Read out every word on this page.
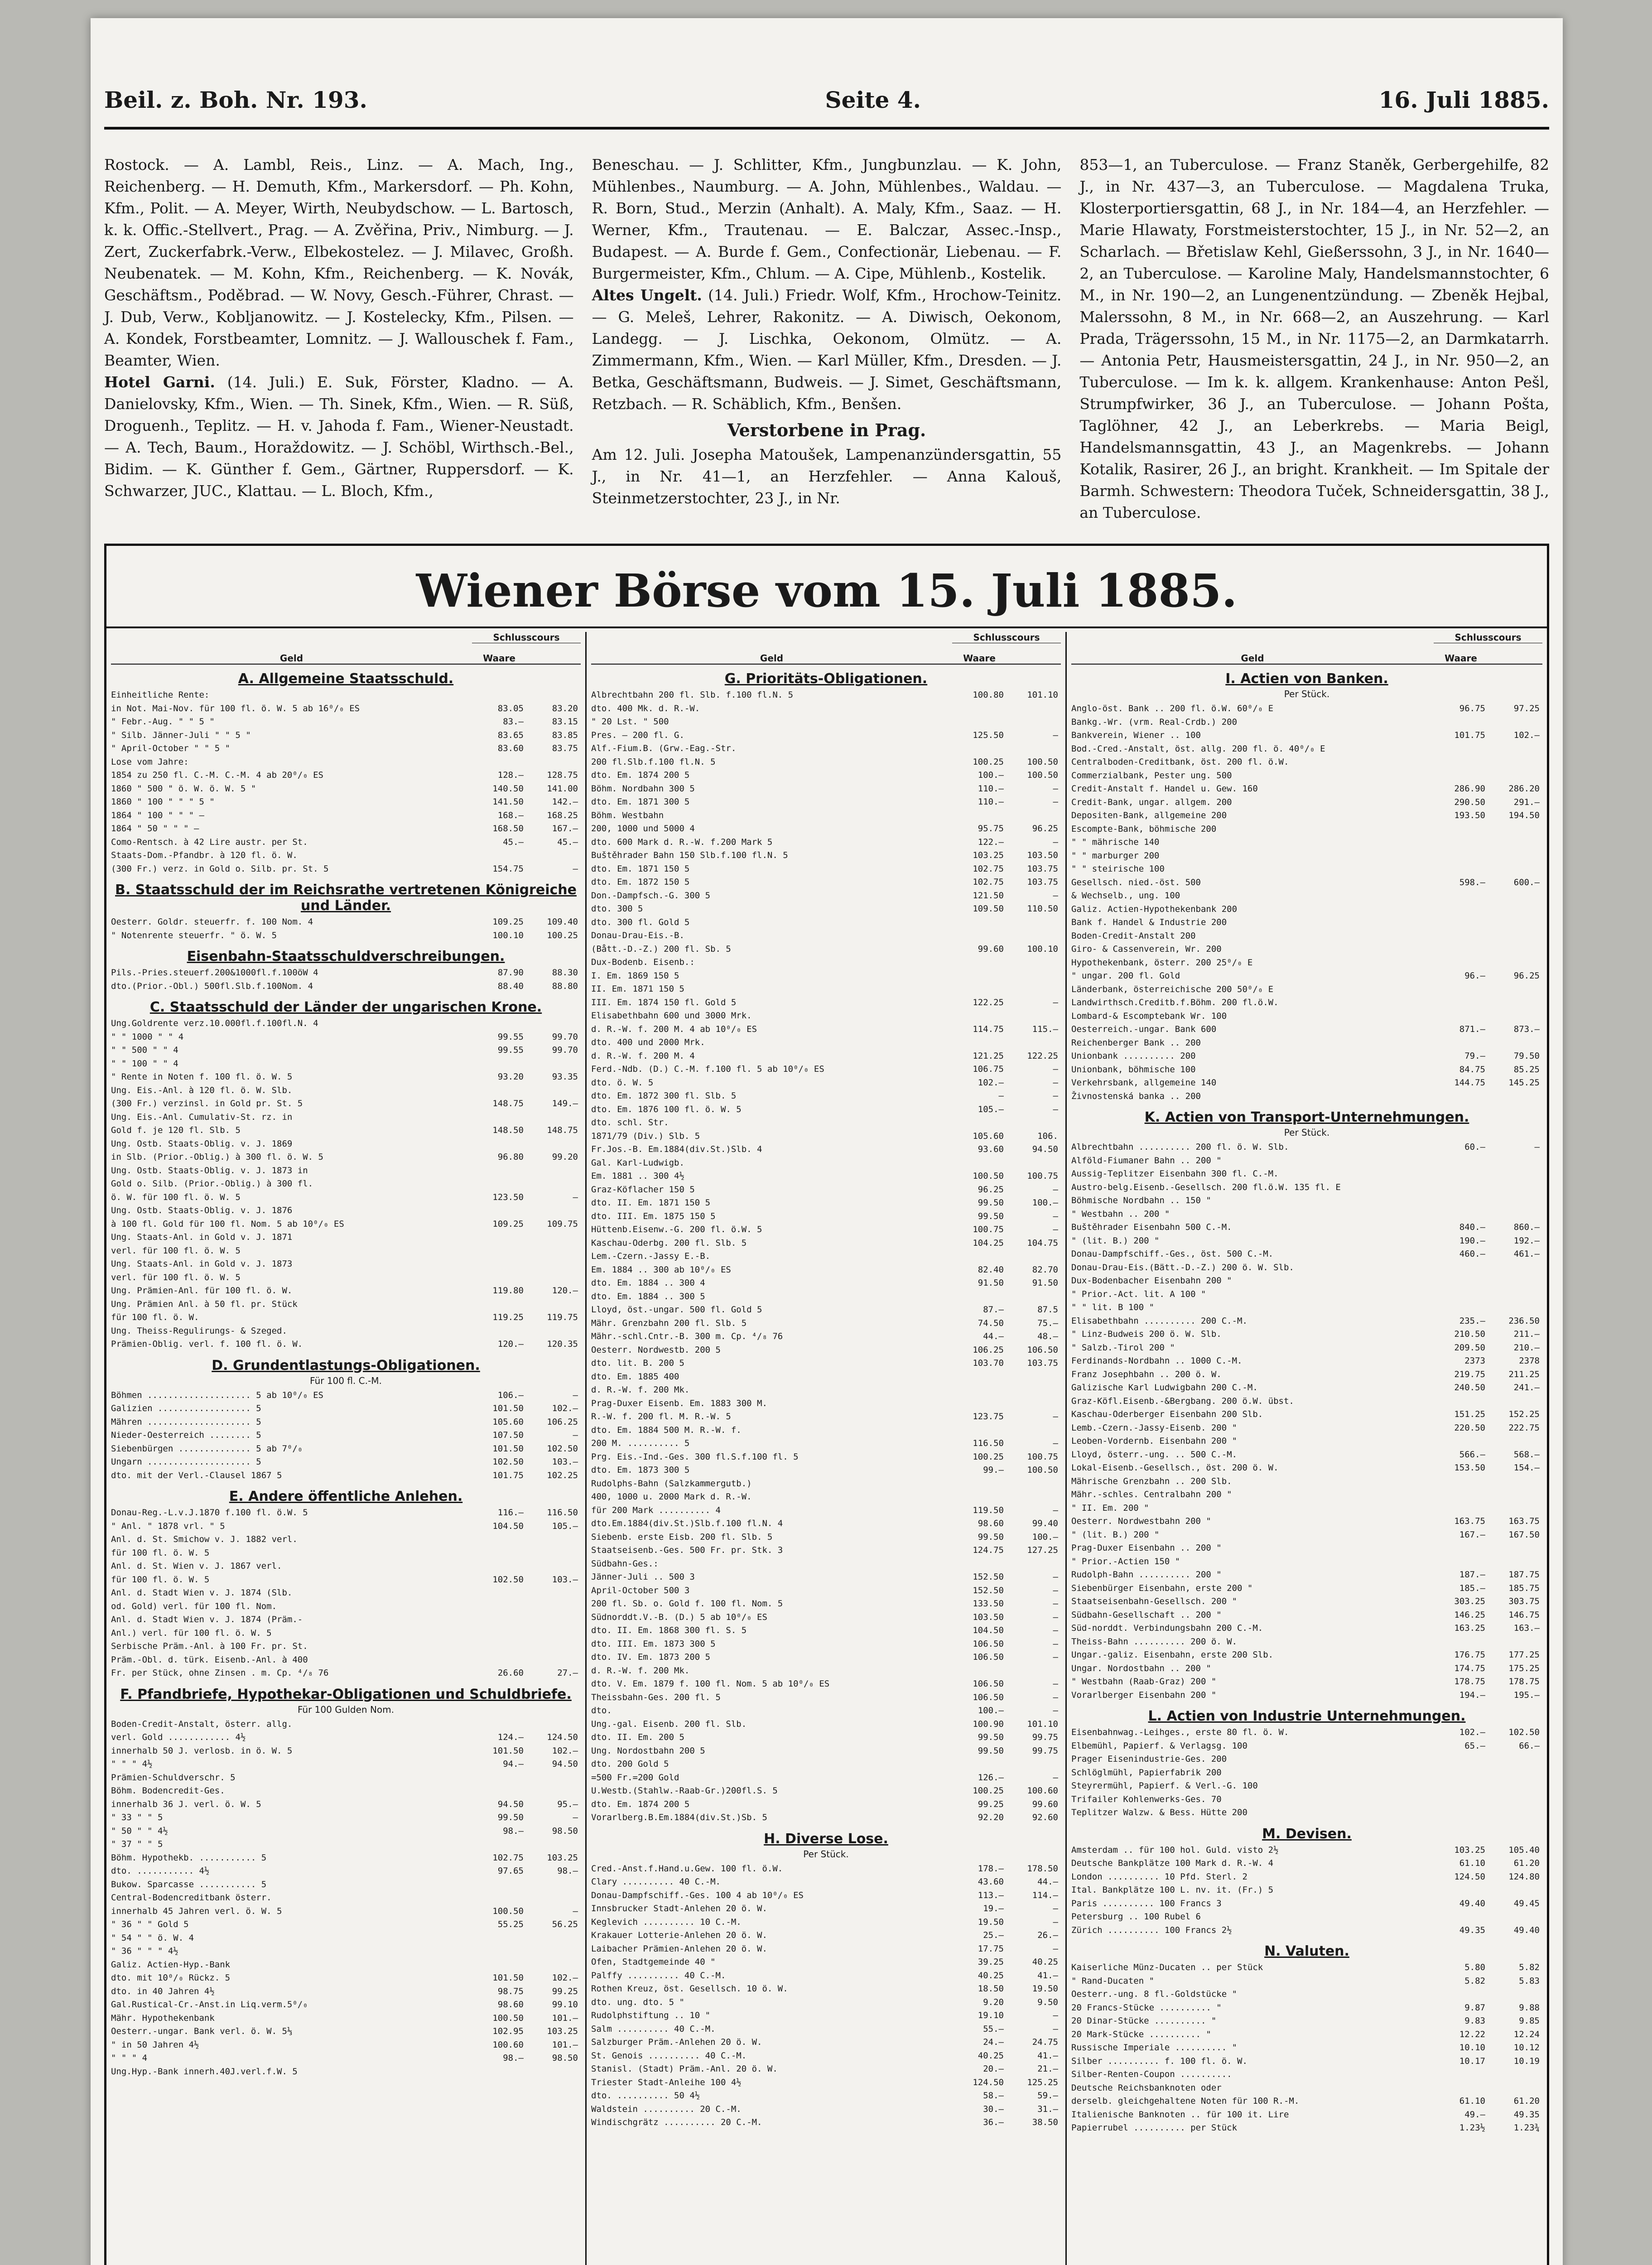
Beil. z. Boh. Nr. 193.	Seite 4.	16. Juli 1885.

Rostock. — A. Lambl, Reis., Linz. — A. Mach, Ing., Reichenberg. — H. Demuth, Kfm., Markersdorf. — Ph. Kohn, Kfm., Polit. — A. Meyer, Wirth, Neubydschow. — L. Bartosch, k. k. Offic.-Stellvert., Prag. — A. Zvěřina, Priv., Nimburg. — J. Zert, Zuckerfabrk.-Verw., Elbekostelez. — J. Milavec, Großh. Neubenatek. — M. Kohn, Kfm., Reichenberg. — K. Novák, Geschäftsm., Poděbrad. — W. Novy, Gesch.-Führer, Chrast. — J. Dub, Verw., Kobljanowitz. — J. Kostelecky, Kfm., Pilsen. — A. Kondek, Forstbeamter, Lomnitz. — J. Wallouschek f. Fam., Beamter, Wien.

Hotel Garni. (14. Juli.) E. Suk, Förster, Kladno. — A. Danielovsky, Kfm., Wien. — Th. Sinek, Kfm., Wien. — R. Süß, Droguenh., Teplitz. — H. v. Jahoda f. Fam., Wiener-Neustadt. — A. Tech, Baum., Horaždowitz. — J. Schöbl, Wirthsch.-Bel., Bidim. — K. Günther f. Gem., Gärtner, Ruppersdorf. — K. Schwarzer, JUC., Klattau. — L. Bloch, Kfm.,

Beneschau. — J. Schlitter, Kfm., Jungbunzlau. — K. John, Mühlenbes., Naumburg. — A. John, Mühlenbes., Waldau. — R. Born, Stud., Merzin (Anhalt). A. Maly, Kfm., Saaz. — H. Werner, Kfm., Trautenau. — E. Balczar, Assec.-Insp., Budapest. — A. Burde f. Gem., Confectionär, Liebenau. — F. Burgermeister, Kfm., Chlum. — A. Cipe, Mühlenb., Kostelik.

Altes Ungelt. (14. Juli.) Friedr. Wolf, Kfm., Hrochow-Teinitz. — G. Meleš, Lehrer, Rakonitz. — A. Diwisch, Oekonom, Landegg. — J. Lischka, Oekonom, Olmütz. — A. Zimmermann, Kfm., Wien. — Karl Müller, Kfm., Dresden. — J. Betka, Geschäftsmann, Budweis. — J. Simet, Geschäftsmann, Retzbach. — R. Schäblich, Kfm., Benšen.

Verstorbene in Prag.

Am 12. Juli. Josepha Matoušek, Lampenanzündersgattin, 55 J., in Nr. 41—1, an Herzfehler. — Anna Kalouš, Steinmetzerstochter, 23 J., in Nr.

853—1, an Tuberculose. — Franz Staněk, Gerbergehilfe, 82 J., in Nr. 437—3, an Tuberculose. — Magdalena Truka, Klosterportiersgattin, 68 J., in Nr. 184—4, an Herzfehler. — Marie Hlawaty, Forstmeisterstochter, 15 J., in Nr. 52—2, an Scharlach. — Břetislaw Kehl, Gießerssohn, 3 J., in Nr. 1640—2, an Tuberculose. — Karoline Maly, Handelsmannstochter, 6 M., in Nr. 190—2, an Lungenentzündung. — Zbeněk Hejbal, Malerssohn, 8 M., in Nr. 668—2, an Auszehrung. — Karl Prada, Trägerssohn, 15 M., in Nr. 1175—2, an Darmkatarrh. — Antonia Petr, Hausmeistersgattin, 24 J., in Nr. 950—2, an Tuberculose. — Im k. k. allgem. Krankenhause: Anton Pešl, Strumpfwirker, 36 J., an Tuberculose. — Johann Pošta, Taglöhner, 42 J., an Leberkrebs. — Maria Beigl, Handelsmannsgattin, 43 J., an Magenkrebs. — Johann Kotalik, Rasirer, 26 J., an bright. Krankheit. — Im Spitale der Barmh. Schwestern: Theodora Tuček, Schneidersgattin, 38 J., an Tuberculose.

Wiener Börse vom 15. Juli 1885.
Schlusscours
Geld	Waare
A. Allgemeine Staatsschuld.
Einheitliche Rente:
in Not. Mai-Nov. für 100 fl. ö. W. 5 ab 16⁰/₀ ES	83.05	83.20
" Febr.-Aug. " " 5 "	83.—	83.15
" Silb. Jänner-Juli " " 5 "	83.65	83.85
" April-October " " 5 "	83.60	83.75
Lose vom Jahre:
1854 zu 250 fl. C.-M. C.-M. 4 ab 20⁰/₀ ES	128.—	128.75
1860 " 500 " ö. W. ö. W. 5 "	140.50	141.00
1860 " 100 " " " 5 "	141.50	142.—
1864 " 100 " " " —	168.—	168.25
1864 " 50 " " " —	168.50	167.—
Como-Rentsch. à 42 Lire austr. per St.	45.—	45.—
Staats-Dom.-Pfandbr. à 120 fl. ö. W.
(300 Fr.) verz. in Gold o. Silb. pr. St. 5	154.75	—
B. Staatsschuld der im Reichsrathe vertretenen Königreiche und Länder.
Oesterr. Goldr. steuerfr. f. 100 Nom. 4	109.25	109.40
" Notenrente steuerfr. " ö. W. 5	100.10	100.25
Eisenbahn-Staatsschuldverschreibungen.
Pils.-Pries.steuerf.200&1000fl.f.100öW 4	87.90	88.30
dto.(Prior.-Obl.) 500fl.Slb.f.100Nom. 4	88.40	88.80
C. Staatsschuld der Länder der ungarischen Krone.
Ung.Goldrente verz.10.000fl.f.100fl.N. 4
" " 1000 " " 4	99.55	99.70
" " 500 " " 4	99.55	99.70
" " 100 " " 4
" Rente in Noten f. 100 fl. ö. W. 5	93.20	93.35
Ung. Eis.-Anl. à 120 fl. ö. W. Slb.
(300 Fr.) verzinsl. in Gold pr. St. 5	148.75	149.—
Ung. Eis.-Anl. Cumulativ-St. rz. in
Gold f. je 120 fl. Slb. 5	148.50	148.75
Ung. Ostb. Staats-Oblig. v. J. 1869
in Slb. (Prior.-Oblig.) à 300 fl. ö. W. 5	96.80	99.20
Ung. Ostb. Staats-Oblig. v. J. 1873 in
Gold o. Silb. (Prior.-Oblig.) à 300 fl.
ö. W. für 100 fl. ö. W. 5	123.50	—
Ung. Ostb. Staats-Oblig. v. J. 1876
à 100 fl. Gold für 100 fl. Nom. 5 ab 10⁰/₀ ES	109.25	109.75
Ung. Staats-Anl. in Gold v. J. 1871
verl. für 100 fl. ö. W. 5
Ung. Staats-Anl. in Gold v. J. 1873
verl. für 100 fl. ö. W. 5
Ung. Prämien-Anl. für 100 fl. ö. W.	119.80	120.—
Ung. Prämien Anl. à 50 fl. pr. Stück
für 100 fl. ö. W.	119.25	119.75
Ung. Theiss-Regulirungs- & Szeged.
Prämien-Oblig. verl. f. 100 fl. ö. W.	120.—	120.35
D. Grundentlastungs-Obligationen.
Für 100 fl. C.-M.
Böhmen .................... 5 ab 10⁰/₀ ES	106.—	—
Galizien .................. 5	101.50	102.—
Mähren .................... 5	105.60	106.25
Nieder-Oesterreich ........ 5	107.50	—
Siebenbürgen .............. 5 ab 7⁰/₀	101.50	102.50
Ungarn .................... 5	102.50	103.—
dto. mit der Verl.-Clausel 1867 5	101.75	102.25
E. Andere öffentliche Anlehen.
Donau-Reg.-L.v.J.1870 f.100 fl. ö.W. 5	116.—	116.50
" Anl. " 1878 vrl. " 5	104.50	105.—
Anl. d. St. Smichow v. J. 1882 verl.
für 100 fl. ö. W. 5
Anl. d. St. Wien v. J. 1867 verl.
für 100 fl. ö. W. 5	102.50	103.—
Anl. d. Stadt Wien v. J. 1874 (Slb.
od. Gold) verl. für 100 fl. Nom.
Anl. d. Stadt Wien v. J. 1874 (Präm.-
Anl.) verl. für 100 fl. ö. W. 5
Serbische Präm.-Anl. à 100 Fr. pr. St.
Präm.-Obl. d. türk. Eisenb.-Anl. à 400
Fr. per Stück, ohne Zinsen . m. Cp. ⁴/₈ 76	26.60	27.—
F. Pfandbriefe, Hypothekar-Obligationen und Schuldbriefe.
Für 100 Gulden Nom.
Boden-Credit-Anstalt, österr. allg.
verl. Gold ............ 4½	124.—	124.50
innerhalb 50 J. verlosb. in ö. W. 5	101.50	102.—
" " " 4½	94.—	94.50
Prämien-Schuldverschr. 5
Böhm. Bodencredit-Ges.
innerhalb 36 J. verl. ö. W. 5	94.50	95.—
" 33 " " 5	99.50	—
" 50 " " 4½	98.—	98.50
" 37 " " 5
Böhm. Hypothekb. ........... 5	102.75	103.25
dto. ........... 4½	97.65	98.—
Bukow. Sparcasse ........... 5
Central-Bodencreditbank österr.
innerhalb 45 Jahren verl. ö. W. 5	100.50	—
" 36 " " Gold 5	55.25	56.25
" 54 " " ö. W. 4
" 36 " " " 4½
Galiz. Actien-Hyp.-Bank
dto. mit 10⁰/₀ Rückz. 5	101.50	102.—
dto. in 40 Jahren 4½	98.75	99.25
Gal.Rustical-Cr.-Anst.in Liq.verm.5⁰/₀	98.60	99.10
Mähr. Hypothekenbank	100.50	101.—
Oesterr.-ungar. Bank verl. ö. W. 5⅓	102.95	103.25
" in 50 Jahren 4½	100.60	101.—
" " " 4	98.—	98.50
Ung.Hyp.-Bank innerh.40J.verl.f.W. 5
Schlusscours
Geld	Waare
G. Prioritäts-Obligationen.
Albrechtbahn 200 fl. Slb. f.100 fl.N. 5	100.80	101.10
dto. 400 Mk. d. R.-W.
" 20 Lst. " 500
Pres. — 200 fl. G.	125.50	—
Alf.-Fium.B. (Grw.-Eag.-Str.
200 fl.Slb.f.100 fl.N. 5	100.25	100.50
dto. Em. 1874 200 5	100.—	100.50
Böhm. Nordbahn 300 5	110.—	—
dto. Em. 1871 300 5	110.—	—
Böhm. Westbahn
200, 1000 und 5000 4	95.75	96.25
dto. 600 Mark d. R.-W. f.200 Mark 5	122.—	—
Buštěhrader Bahn 150 Slb.f.100 fl.N. 5	103.25	103.50
dto. Em. 1871 150 5	102.75	103.75
dto. Em. 1872 150 5	102.75	103.75
Don.-Dampfsch.-G. 300 5	121.50	—
dto. 300 5	109.50	110.50
dto. 300 fl. Gold 5
Donau-Drau-Eis.-B.
(Bått.-D.-Z.) 200 fl. Sb. 5	99.60	100.10
Dux-Bodenb. Eisenb.:
I. Em. 1869 150 5
II. Em. 1871 150 5
III. Em. 1874 150 fl. Gold 5	122.25	—
Elisabethbahn 600 und 3000 Mrk.
d. R.-W. f. 200 M. 4 ab 10⁰/₀ ES	114.75	115.—
dto. 400 und 2000 Mrk.
d. R.-W. f. 200 M. 4	121.25	122.25
Ferd.-Ndb. (D.) C.-M. f.100 fl. 5 ab 10⁰/₀ ES	106.75	—
dto. ö. W. 5	102.—	—
dto. Em. 1872 300 fl. Slb. 5	—	—
dto. Em. 1876 100 fl. ö. W. 5	105.—	—
dto. schl. Str.
1871/79 (Div.) Slb. 5	105.60	106.
Fr.Jos.-B. Em.1884(div.St.)Slb. 4	93.60	94.50
Gal. Karl-Ludwigb.
Em. 1881 .. 300 4½	100.50	100.75
Graz-Köflacher 150 5	96.25	—
dto. II. Em. 1871 150 5	99.50	100.—
dto. III. Em. 1875 150 5	99.50	—
Hüttenb.Eisenw.-G. 200 fl. ö.W. 5	100.75	—
Kaschau-Oderbg. 200 fl. Slb. 5	104.25	104.75
Lem.-Czern.-Jassy E.-B.
Em. 1884 .. 300 ab 10⁰/₀ ES	82.40	82.70
dto. Em. 1884 .. 300 4	91.50	91.50
dto. Em. 1884 .. 300 5
Lloyd, öst.-ungar. 500 fl. Gold 5	87.—	87.5
Mähr. Grenzbahn 200 fl. Slb. 5	74.50	75.—
Mähr.-schl.Cntr.-B. 300 m. Cp. ⁴/₈ 76	44.—	48.—
Oesterr. Nordwestb. 200 5	106.25	106.50
dto. lit. B. 200 5	103.70	103.75
dto. Em. 1885 400
d. R.-W. f. 200 Mk.
Prag-Duxer Eisenb. Em. 1883 300 M.
R.-W. f. 200 fl. M. R.-W. 5	123.75	—
dto. Em. 1884 500 M. R.-W. f.
200 M. .......... 5	116.50	—
Prg. Eis.-Ind.-Ges. 300 fl.S.f.100 fl. 5	100.25	100.75
dto. Em. 1873 300 5	99.—	100.50
Rudolphs-Bahn (Salzkammergutb.)
400, 1000 u. 2000 Mark d. R.-W.
für 200 Mark .......... 4	119.50	—
dto.Em.1884(div.St.)Slb.f.100 fl.N. 4	98.60	99.40
Siebenb. erste Eisb. 200 fl. Slb. 5	99.50	100.—
Staatseisenb.-Ges. 500 Fr. pr. Stk. 3	124.75	127.25
Südbahn-Ges.:
Jänner-Juli .. 500 3	152.50	—
April-October 500 3	152.50	—
200 fl. Sb. o. Gold f. 100 fl. Nom. 5	133.50	—
Südnorddt.V.-B. (D.) 5 ab 10⁰/₀ ES	103.50	—
dto. II. Em. 1868 300 fl. S. 5	104.50	—
dto. III. Em. 1873 300 5	106.50	—
dto. IV. Em. 1873 200 5	106.50	—
d. R.-W. f. 200 Mk.
dto. V. Em. 1879 f. 100 fl. Nom. 5 ab 10⁰/₀ ES	106.50	—
Theissbahn-Ges. 200 fl. 5	106.50	—
dto.	100.—	—
Ung.-gal. Eisenb. 200 fl. Slb.	100.90	101.10
dto. II. Em. 200 5	99.50	99.75
Ung. Nordostbahn 200 5	99.50	99.75
dto. 200 Gold 5
=500 Fr.=200 Gold	126.—	—
U.Westb.(Stahlw.-Raab-Gr.)200fl.S. 5	100.25	100.60
dto. Em. 1874 200 5	99.25	99.60
Vorarlberg.B.Em.1884(div.St.)Sb. 5	92.20	92.60
H. Diverse Lose.
Per Stück.
Cred.-Anst.f.Hand.u.Gew. 100 fl. ö.W.	178.—	178.50
Clary .......... 40 C.-M.	43.60	44.—
Donau-Dampfschiff.-Ges. 100 4 ab 10⁰/₀ ES	113.—	114.—
Innsbrucker Stadt-Anlehen 20 ö. W.	19.—	—
Keglevich .......... 10 C.-M.	19.50	—
Krakauer Lotterie-Anlehen 20 ö. W.	25.—	26.—
Laibacher Prämien-Anlehen 20 ö. W.	17.75	—
Ofen, Stadtgemeinde 40 "	39.25	40.25
Palffy .......... 40 C.-M.	40.25	41.—
Rothen Kreuz, öst. Gesellsch. 10 ö. W.	18.50	19.50
dto. ung. dto. 5 "	9.20	9.50
Rudolphstiftung .. 10 "	19.10	—
Salm .......... 40 C.-M.	55.—	—
Salzburger Präm.-Anlehen 20 ö. W.	24.—	24.75
St. Genois .......... 40 C.-M.	40.25	41.—
Stanisl. (Stadt) Präm.-Anl. 20 ö. W.	20.—	21.—
Triester Stadt-Anleihe 100 4½	124.50	125.25
dto. .......... 50 4½	58.—	59.—
Waldstein .......... 20 C.-M.	30.—	31.—
Windischgrätz .......... 20 C.-M.	36.—	38.50
Schlusscours
Geld	Waare
I. Actien von Banken.
Per Stück.
Anglo-öst. Bank .. 200 fl. ö.W. 60⁰/₀ E	96.75	97.25
Bankg.-Wr. (vrm. Real-Crdb.) 200
Bankverein, Wiener .. 100	101.75	102.—
Bod.-Cred.-Anstalt, öst. allg. 200 fl. ö. 40⁰/₀ E
Centralboden-Creditbank, öst. 200 fl. ö.W.
Commerzialbank, Pester ung. 500
Credit-Anstalt f. Handel u. Gew. 160	286.90	286.20
Credit-Bank, ungar. allgem. 200	290.50	291.—
Depositen-Bank, allgemeine 200	193.50	194.50
Escompte-Bank, böhmische 200
" " mährische 140
" " marburger 200
" " steirische 100
Gesellsch. nied.-öst. 500	598.—	600.—
& Wechselb., ung. 100
Galiz. Actien-Hypothekenbank 200
Bank f. Handel & Industrie 200
Boden-Credit-Anstalt 200
Giro- & Cassenverein, Wr. 200
Hypothekenbank, österr. 200 25⁰/₀ E
" ungar. 200 fl. Gold	96.—	96.25
Länderbank, österreichische 200 50⁰/₀ E
Landwirthsch.Creditb.f.Böhm. 200 fl.ö.W.
Lombard-& Escomptebank Wr. 100
Oesterreich.-ungar. Bank 600	871.—	873.—
Reichenberger Bank .. 200
Unionbank .......... 200	79.—	79.50
Unionbank, böhmische 100	84.75	85.25
Verkehrsbank, allgemeine 140	144.75	145.25
Živnostenská banka .. 200
K. Actien von Transport-Unternehmungen.
Per Stück.
Albrechtbahn .......... 200 fl. ö. W. Slb.	60.—	—
Alföld-Fiumaner Bahn .. 200 "
Aussig-Teplitzer Eisenbahn 300 fl. C.-M.
Austro-belg.Eisenb.-Gesellsch. 200 fl.ö.W. 135 fl. E
Böhmische Nordbahn .. 150 "
" Westbahn .. 200 "
Buštěhrader Eisenbahn 500 C.-M.	840.—	860.—
" (lit. B.) 200 "	190.—	192.—
Donau-Dampfschiff.-Ges., öst. 500 C.-M.	460.—	461.—
Donau-Drau-Eis.(Bätt.-D.-Z.) 200 ö. W. Slb.
Dux-Bodenbacher Eisenbahn 200 "
" Prior.-Act. lit. A 100 "
" " lit. B 100 "
Elisabethbahn .......... 200 C.-M.	235.—	236.50
" Linz-Budweis 200 ö. W. Slb.	210.50	211.—
" Salzb.-Tirol 200 "	209.50	210.—
Ferdinands-Nordbahn .. 1000 C.-M.	2373	2378
Franz Josephbahn .. 200 ö. W.	219.75	211.25
Galizische Karl Ludwigbahn 200 C.-M.	240.50	241.—
Graz-Köfl.Eisenb.-&Bergbang. 200 ö.W. übst.
Kaschau-Oderberger Eisenbahn 200 Slb.	151.25	152.25
Lemb.-Czern.-Jassy-Eisenb. 200 "	220.50	222.75
Leoben-Vordernb. Eisenbahn 200 "
Lloyd, österr.-ung. .. 500 C.-M.	566.—	568.—
Lokal-Eisenb.-Gesellsch., öst. 200 ö. W.	153.50	154.—
Mährische Grenzbahn .. 200 Slb.
Mähr.-schles. Centralbahn 200 "
" II. Em. 200 "
Oesterr. Nordwestbahn 200 "	163.75	163.75
" (lit. B.) 200 "	167.—	167.50
Prag-Duxer Eisenbahn .. 200 "
" Prior.-Actien 150 "
Rudolph-Bahn .......... 200 "	187.—	187.75
Siebenbürger Eisenbahn, erste 200 "	185.—	185.75
Staatseisenbahn-Gesellsch. 200 "	303.25	303.75
Südbahn-Gesellschaft .. 200 "	146.25	146.75
Süd-norddt. Verbindungsbahn 200 C.-M.	163.25	163.—
Theiss-Bahn .......... 200 ö. W.
Ungar.-galiz. Eisenbahn, erste 200 Slb.	176.75	177.25
Ungar. Nordostbahn .. 200 "	174.75	175.25
" Westbahn (Raab-Graz) 200 "	178.75	178.75
Vorarlberger Eisenbahn 200 "	194.—	195.—
L. Actien von Industrie Unternehmungen.
Eisenbahnwag.-Leihges., erste 80 fl. ö. W.	102.—	102.50
Elbemühl, Papierf. & Verlagsg. 100	65.—	66.—
Prager Eisenindustrie-Ges. 200
Schlöglmühl, Papierfabrik 200
Steyrermühl, Papierf. & Verl.-G. 100
Trifailer Kohlenwerks-Ges. 70
Teplitzer Walzw. & Bess. Hütte 200
M. Devisen.
Amsterdam .. für 100 hol. Guld. visto 2½	103.25	105.40
Deutsche Bankplätze 100 Mark d. R.-W. 4	61.10	61.20
London .......... 10 Pfd. Sterl. 2	124.50	124.80
Ital. Bankplätze 100 L. nv. it. (Fr.) 5
Paris .......... 100 Francs 3	49.40	49.45
Petersburg .. 100 Rubel 6
Zürich .......... 100 Francs 2½	49.35	49.40
N. Valuten.
Kaiserliche Münz-Ducaten .. per Stück	5.80	5.82
" Rand-Ducaten "	5.82	5.83
Oesterr.-ung. 8 fl.-Goldstücke "
20 Francs-Stücke .......... "	9.87	9.88
20 Dinar-Stücke .......... "	9.83	9.85
20 Mark-Stücke .......... "	12.22	12.24
Russische Imperiale .......... "	10.10	10.12
Silber .......... f. 100 fl. ö. W.	10.17	10.19
Silber-Renten-Coupon ..........
Deutsche Reichsbanknoten oder
derselb. gleichgehaltene Noten für 100 R.-M.	61.10	61.20
Italienische Banknoten .. für 100 it. Lire	49.—	49.35
Papierrubel .......... per Stück	1.23½	1.23¾
